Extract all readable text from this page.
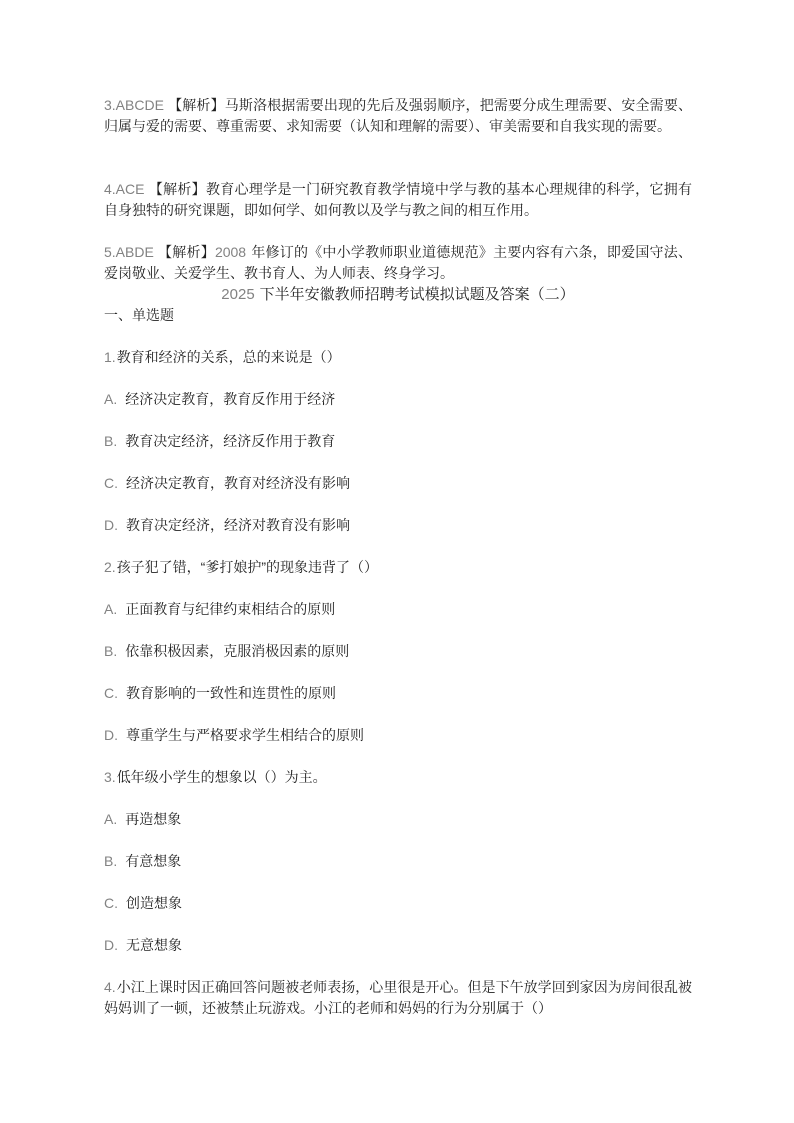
3.ABCDE 【解析】马斯洛根据需要出现的先后及强弱顺序，把需要分成生理需要、安全需要、归属与爱的需要、尊重需要、求知需要（认知和理解的需要）、审美需要和自我实现的需要。

4.ACE 【解析】教育心理学是一门研究教育教学情境中学与教的基本心理规律的科学，它拥有自身独特的研究课题，即如何学、如何教以及学与教之间的相互作用。

5.ABDE 【解析】2008 年修订的《中小学教师职业道德规范》主要内容有六条，即爱国守法、爱岗敬业、关爱学生、教书育人、为人师表、终身学习。

2025 下半年安徽教师招聘考试模拟试题及答案（二）

一、单选题

1.教育和经济的关系，总的来说是（）

A. 经济决定教育，教育反作用于经济

B. 教育决定经济，经济反作用于教育

C. 经济决定教育，教育对经济没有影响

D. 教育决定经济，经济对教育没有影响

2.孩子犯了错，“爹打娘护”的现象违背了（）

A. 正面教育与纪律约束相结合的原则

B. 依靠积极因素，克服消极因素的原则

C. 教育影响的一致性和连贯性的原则

D. 尊重学生与严格要求学生相结合的原则

3.低年级小学生的想象以（）为主。

A. 再造想象

B. 有意想象

C. 创造想象

D. 无意想象

4.小江上课时因正确回答问题被老师表扬，心里很是开心。但是下午放学回到家因为房间很乱被妈妈训了一顿，还被禁止玩游戏。小江的老师和妈妈的行为分别属于（）
